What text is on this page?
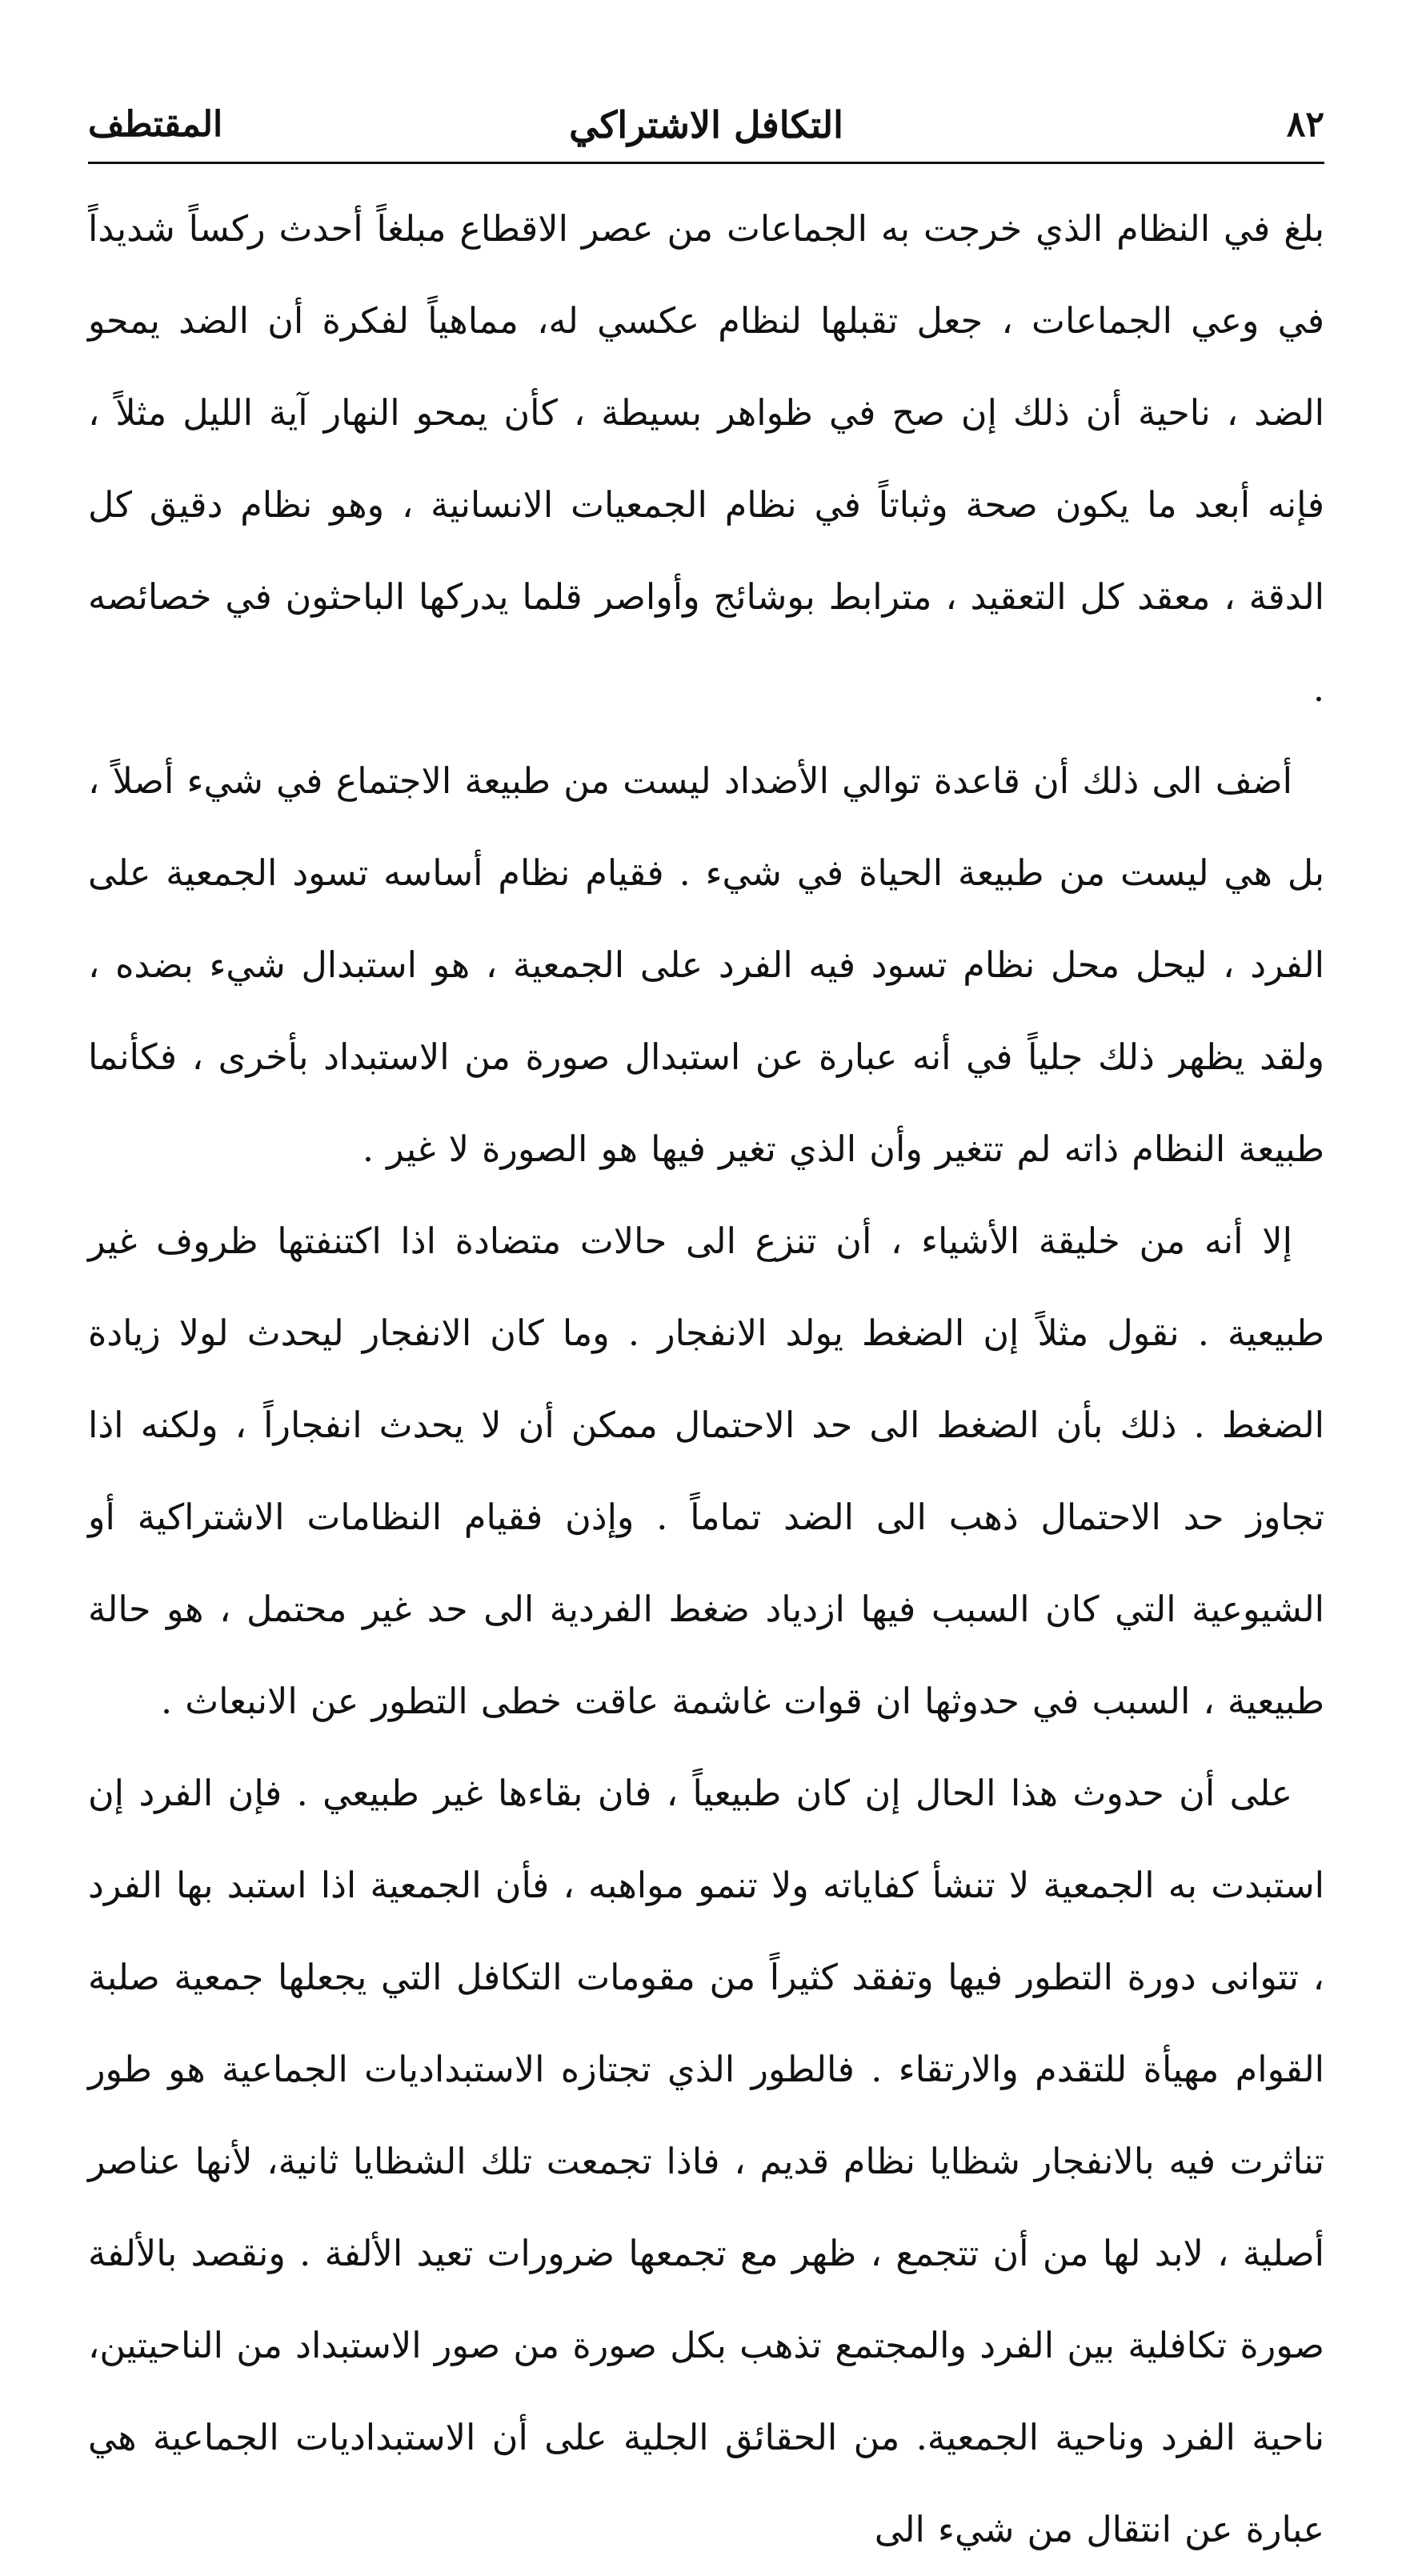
٨٢
التكافل الاشتراكي
المقتطف

بلغ في النظام الذي خرجت به الجماعات من عصر الاقطاع مبلغاً أحدث ركساً شديداً في وعي الجماعات ، جعل تقبلها لنظام عكسي له، مماهياً لفكرة أن الضد يمحو الضد ، ناحية أن ذلك إن صح في ظواهر بسيطة ، كأن يمحو النهار آية الليل مثلاً ، فإنه أبعد ما يكون صحة وثباتاً في نظام الجمعيات الانسانية ، وهو نظام دقيق كل الدقة ، معقد كل التعقيد ، مترابط بوشائج وأواصر قلما يدركها الباحثون في خصائصه .

أضف الى ذلك أن قاعدة توالي الأضداد ليست من طبيعة الاجتماع في شيء أصلاً ، بل هي ليست من طبيعة الحياة في شيء . فقيام نظام أساسه تسود الجمعية على الفرد ، ليحل محل نظام تسود فيه الفرد على الجمعية ، هو استبدال شيء بضده ، ولقد يظهر ذلك جلياً في أنه عبارة عن استبدال صورة من الاستبداد بأخرى ، فكأنما طبيعة النظام ذاته لم تتغير وأن الذي تغير فيها هو الصورة لا غير .

إلا أنه من خليقة الأشياء ، أن تنزع الى حالات متضادة اذا اكتنفتها ظروف غير طبيعية . نقول مثلاً إن الضغط يولد الانفجار . وما كان الانفجار ليحدث لولا زيادة الضغط . ذلك بأن الضغط الى حد الاحتمال ممكن أن لا يحدث انفجاراً ، ولكنه اذا تجاوز حد الاحتمال ذهب الى الضد تماماً . وإذن فقيام النظامات الاشتراكية أو الشيوعية التي كان السبب فيها ازدياد ضغط الفردية الى حد غير محتمل ، هو حالة طبيعية ، السبب في حدوثها ان قوات غاشمة عاقت خطى التطور عن الانبعاث .

على أن حدوث هذا الحال إن كان طبيعياً ، فان بقاءها غير طبيعي . فإن الفرد إن استبدت به الجمعية لا تنشأ كفاياته ولا تنمو مواهبه ، فأن الجمعية اذا استبد بها الفرد ، تتوانى دورة التطور فيها وتفقد كثيراً من مقومات التكافل التي يجعلها جمعية صلبة القوام مهيأة للتقدم والارتقاء . فالطور الذي تجتازه الاستبداديات الجماعية هو طور تناثرت فيه بالانفجار شظايا نظام قديم ، فاذا تجمعت تلك الشظايا ثانية، لأنها عناصر أصلية ، لابد لها من أن تتجمع ، ظهر مع تجمعها ضرورات تعيد الألفة . ونقصد بالألفة صورة تكافلية بين الفرد والمجتمع تذهب بكل صورة من صور الاستبداد من الناحيتين، ناحية الفرد وناحية الجمعية. من الحقائق الجلية على أن الاستبداديات الجماعية هي عبارة عن انتقال من شيء الى
